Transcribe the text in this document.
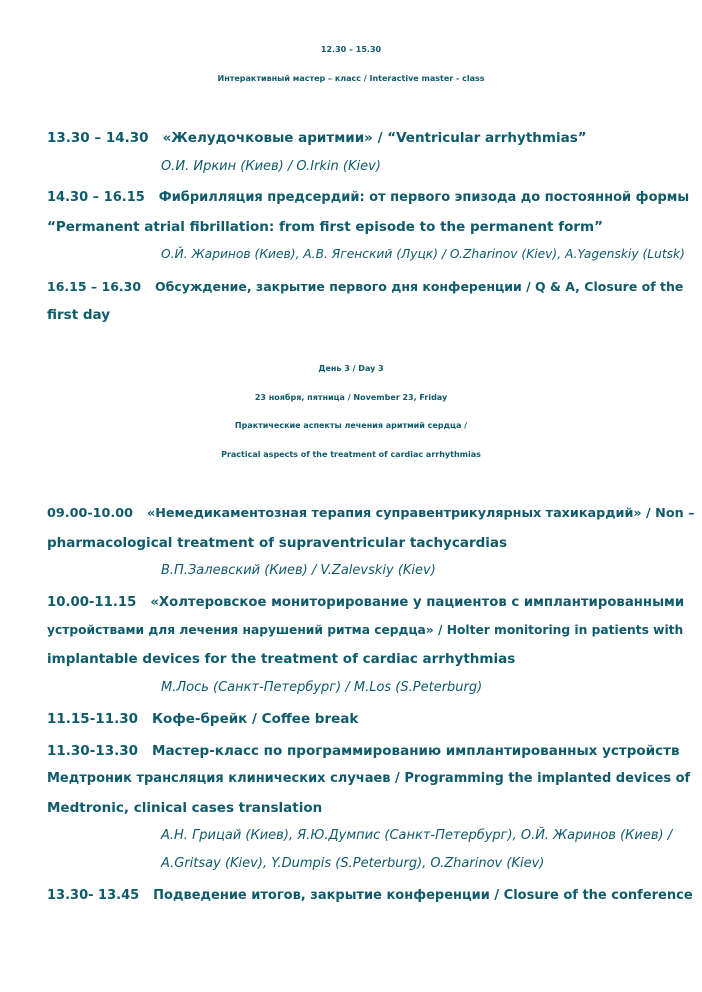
12.30 – 15.30
Интерактивный мастер – класс / Interactive master - class
13.30 – 14.30 «Желудочковые аритмии» / “Ventricular arrhythmias”
О.И. Иркин (Киев) / O.Irkin (Kiev)
14.30 – 16.15 Фибрилляция предсердий: от первого эпизода до постоянной формы
“Permanent atrial fibrillation: from first episode to the permanent form”
О.Й. Жаринов (Киев), А.В. Ягенский (Луцк) / O.Zharinov (Kiev), A.Yagenskiy (Lutsk)
16.15 – 16.30 Обсуждение, закрытие первого дня конференции / Q & A, Closure of the
first day
День 3 / Day 3
23 ноября, пятница / November 23, Friday
Практические аспекты лечения аритмий сердца /
Practical aspects of the treatment of cardiac arrhythmias
09.00-10.00 «Немедикаментозная терапия суправентрикулярных тахикардий» / Non –
pharmacological treatment of supraventricular tachycardias
В.П.Залевский (Киев) / V.Zalevskiy (Kiev)
10.00-11.15 «Холтеровское мониторирование у пациентов с имплантированными
устройствами для лечения нарушений ритма сердца» / Holter monitoring in patients with
implantable devices for the treatment of cardiac arrhythmias
М.Лось (Санкт-Петербург) / M.Los (S.Peterburg)
11.15-11.30 Кофе-брейк / Coffee break
11.30-13.30 Мастер-класс по программированию имплантированных устройств
Медтроник трансляция клинических случаев / Programming the implanted devices of
Medtronic, clinical cases translation
А.Н. Грицай (Киев), Я.Ю.Думпис (Санкт-Петербург), О.Й. Жаринов (Киев) /
A.Gritsay (Kiev), Y.Dumpis (S.Peterburg), O.Zharinov (Kiev)
13.30- 13.45 Подведение итогов, закрытие конференции / Closure of the conference
